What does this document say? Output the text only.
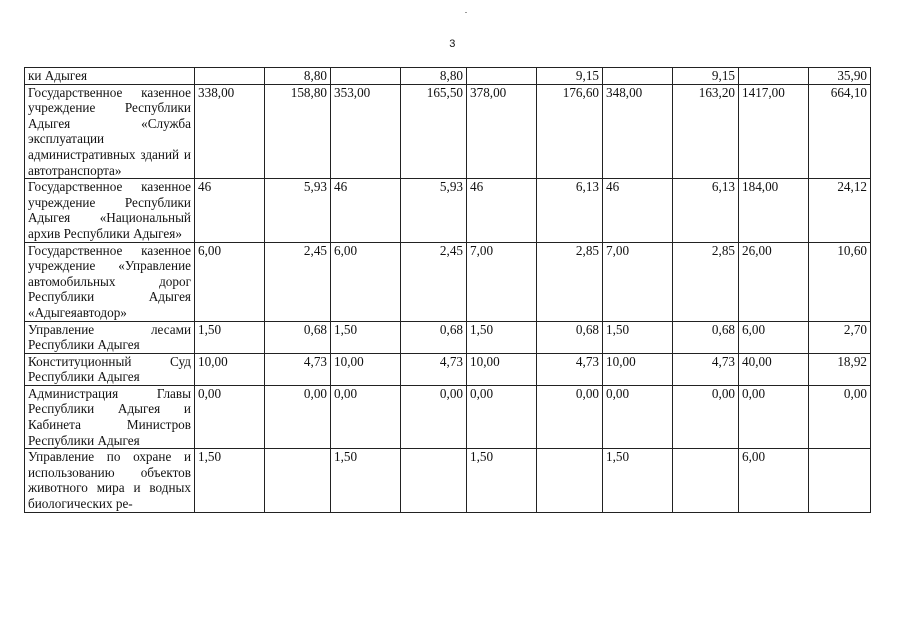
3
ки Адыгея		8,80		8,80		9,15		9,15		35,90
Государственное казенное учреждение Республики Адыгея «Служба эксплуатации административных зданий и автотранспорта»	338,00	158,80	353,00	165,50	378,00	176,60	348,00	163,20	1417,00	664,10
Государственное казенное учреждение Республики Адыгея «Национальный архив Республики Адыгея»	46	5,93	46	5,93	46	6,13	46	6,13	184,00	24,12
Государственное казенное учреждение «Управление автомобильных дорог Республики Адыгея «Адыгеяавтодор»	6,00	2,45	6,00	2,45	7,00	2,85	7,00	2,85	26,00	10,60
Управление лесами Республики Адыгея	1,50	0,68	1,50	0,68	1,50	0,68	1,50	0,68	6,00	2,70
Конституционный Суд Республики Адыгея	10,00	4,73	10,00	4,73	10,00	4,73	10,00	4,73	40,00	18,92
Администрация Главы Республики Адыгея и Кабинета Министров Республики Адыгея	0,00	0,00	0,00	0,00	0,00	0,00	0,00	0,00	0,00	0,00
Управление по охране и использованию объектов животного мира и водных биологических ре-	1,50		1,50		1,50		1,50		6,00	
